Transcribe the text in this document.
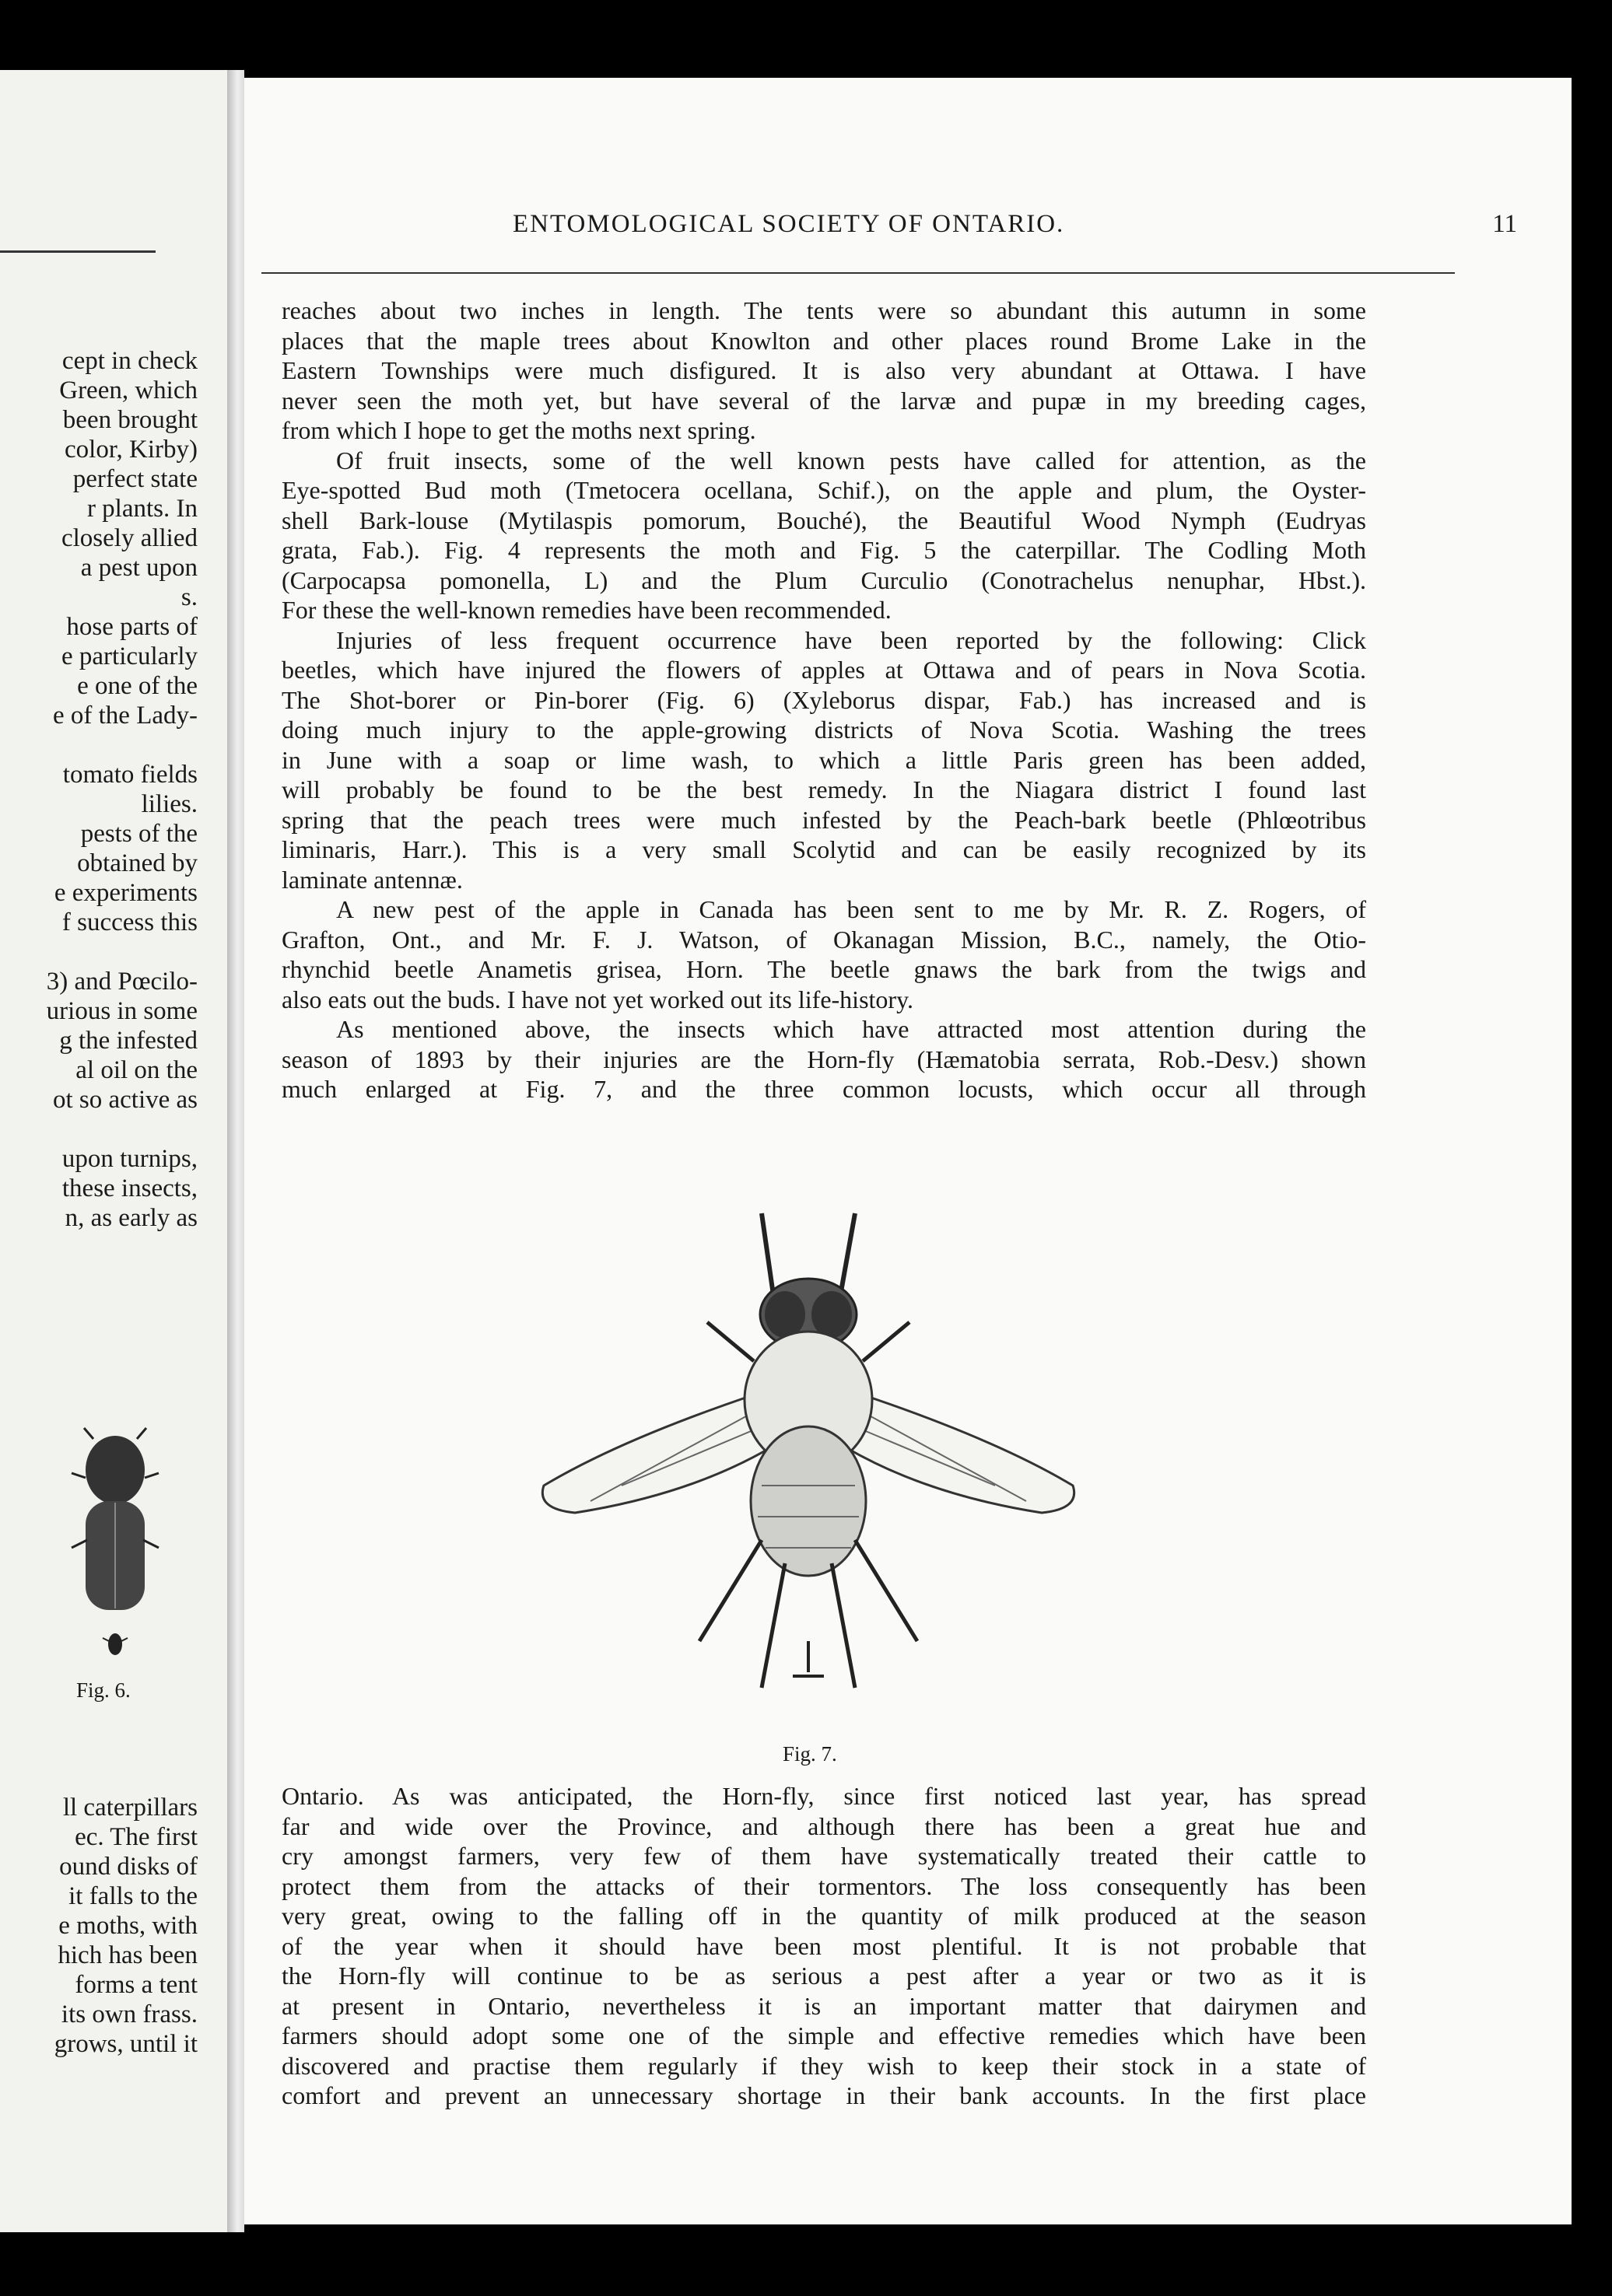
cept in check
Green, which
been brought
color, Kirby)
perfect state
r plants. In
closely allied
a pest upon
s.
hose parts of
e particularly
e one of the
e of the Lady-
tomato fields
lilies.
pests of the
obtained by
e experiments
f success this
3) and Pœcilo-
urious in some
g the infested
al oil on the
ot so active as
upon turnips,
these insects,
n, as early as
ll caterpillars
ec. The first
ound disks of
it falls to the
e moths, with
hich has been
forms a tent
its own frass.
grows, until it
Fig. 6.
ENTOMOLOGICAL SOCIETY OF ONTARIO.	11
reaches about two inches in length. The tents were so abundant this autumn in some
places that the maple trees about Knowlton and other places round Brome Lake in the
Eastern Townships were much disfigured. It is also very abundant at Ottawa. I have
never seen the moth yet, but have several of the larvæ and pupæ in my breeding cages,
from which I hope to get the moths next spring.
Of fruit insects, some of the well known pests have called for attention, as the
Eye-spotted Bud moth (Tmetocera ocellana, Schif.), on the apple and plum, the Oyster-
shell Bark-louse (Mytilaspis pomorum, Bouché), the Beautiful Wood Nymph (Eudryas
grata, Fab.). Fig. 4 represents the moth and Fig. 5 the caterpillar. The Codling Moth
(Carpocapsa pomonella, L) and the Plum Curculio (Conotrachelus nenuphar, Hbst.).
For these the well-known remedies have been recommended.
Injuries of less frequent occurrence have been reported by the following: Click
beetles, which have injured the flowers of apples at Ottawa and of pears in Nova Scotia.
The Shot-borer or Pin-borer (Fig. 6) (Xyleborus dispar, Fab.) has increased and is
doing much injury to the apple-growing districts of Nova Scotia. Washing the trees
in June with a soap or lime wash, to which a little Paris green has been added,
will probably be found to be the best remedy. In the Niagara district I found last
spring that the peach trees were much infested by the Peach-bark beetle (Phlœotribus
liminaris, Harr.). This is a very small Scolytid and can be easily recognized by its
laminate antennæ.
A new pest of the apple in Canada has been sent to me by Mr. R. Z. Rogers, of
Grafton, Ont., and Mr. F. J. Watson, of Okanagan Mission, B.C., namely, the Otio-
rhynchid beetle Anametis grisea, Horn. The beetle gnaws the bark from the twigs and
also eats out the buds. I have not yet worked out its life-history.
As mentioned above, the insects which have attracted most attention during the
season of 1893 by their injuries are the Horn-fly (Hæmatobia serrata, Rob.-Desv.) shown
much enlarged at Fig. 7, and the three common locusts, which occur all through
Fig. 7.
Ontario. As was anticipated, the Horn-fly, since first noticed last year, has spread
far and wide over the Province, and although there has been a great hue and
cry amongst farmers, very few of them have systematically treated their cattle to
protect them from the attacks of their tormentors. The loss consequently has been
very great, owing to the falling off in the quantity of milk produced at the season
of the year when it should have been most plentiful. It is not probable that
the Horn-fly will continue to be as serious a pest after a year or two as it is
at present in Ontario, nevertheless it is an important matter that dairymen and
farmers should adopt some one of the simple and effective remedies which have been
discovered and practise them regularly if they wish to keep their stock in a state of
comfort and prevent an unnecessary shortage in their bank accounts. In the first place
